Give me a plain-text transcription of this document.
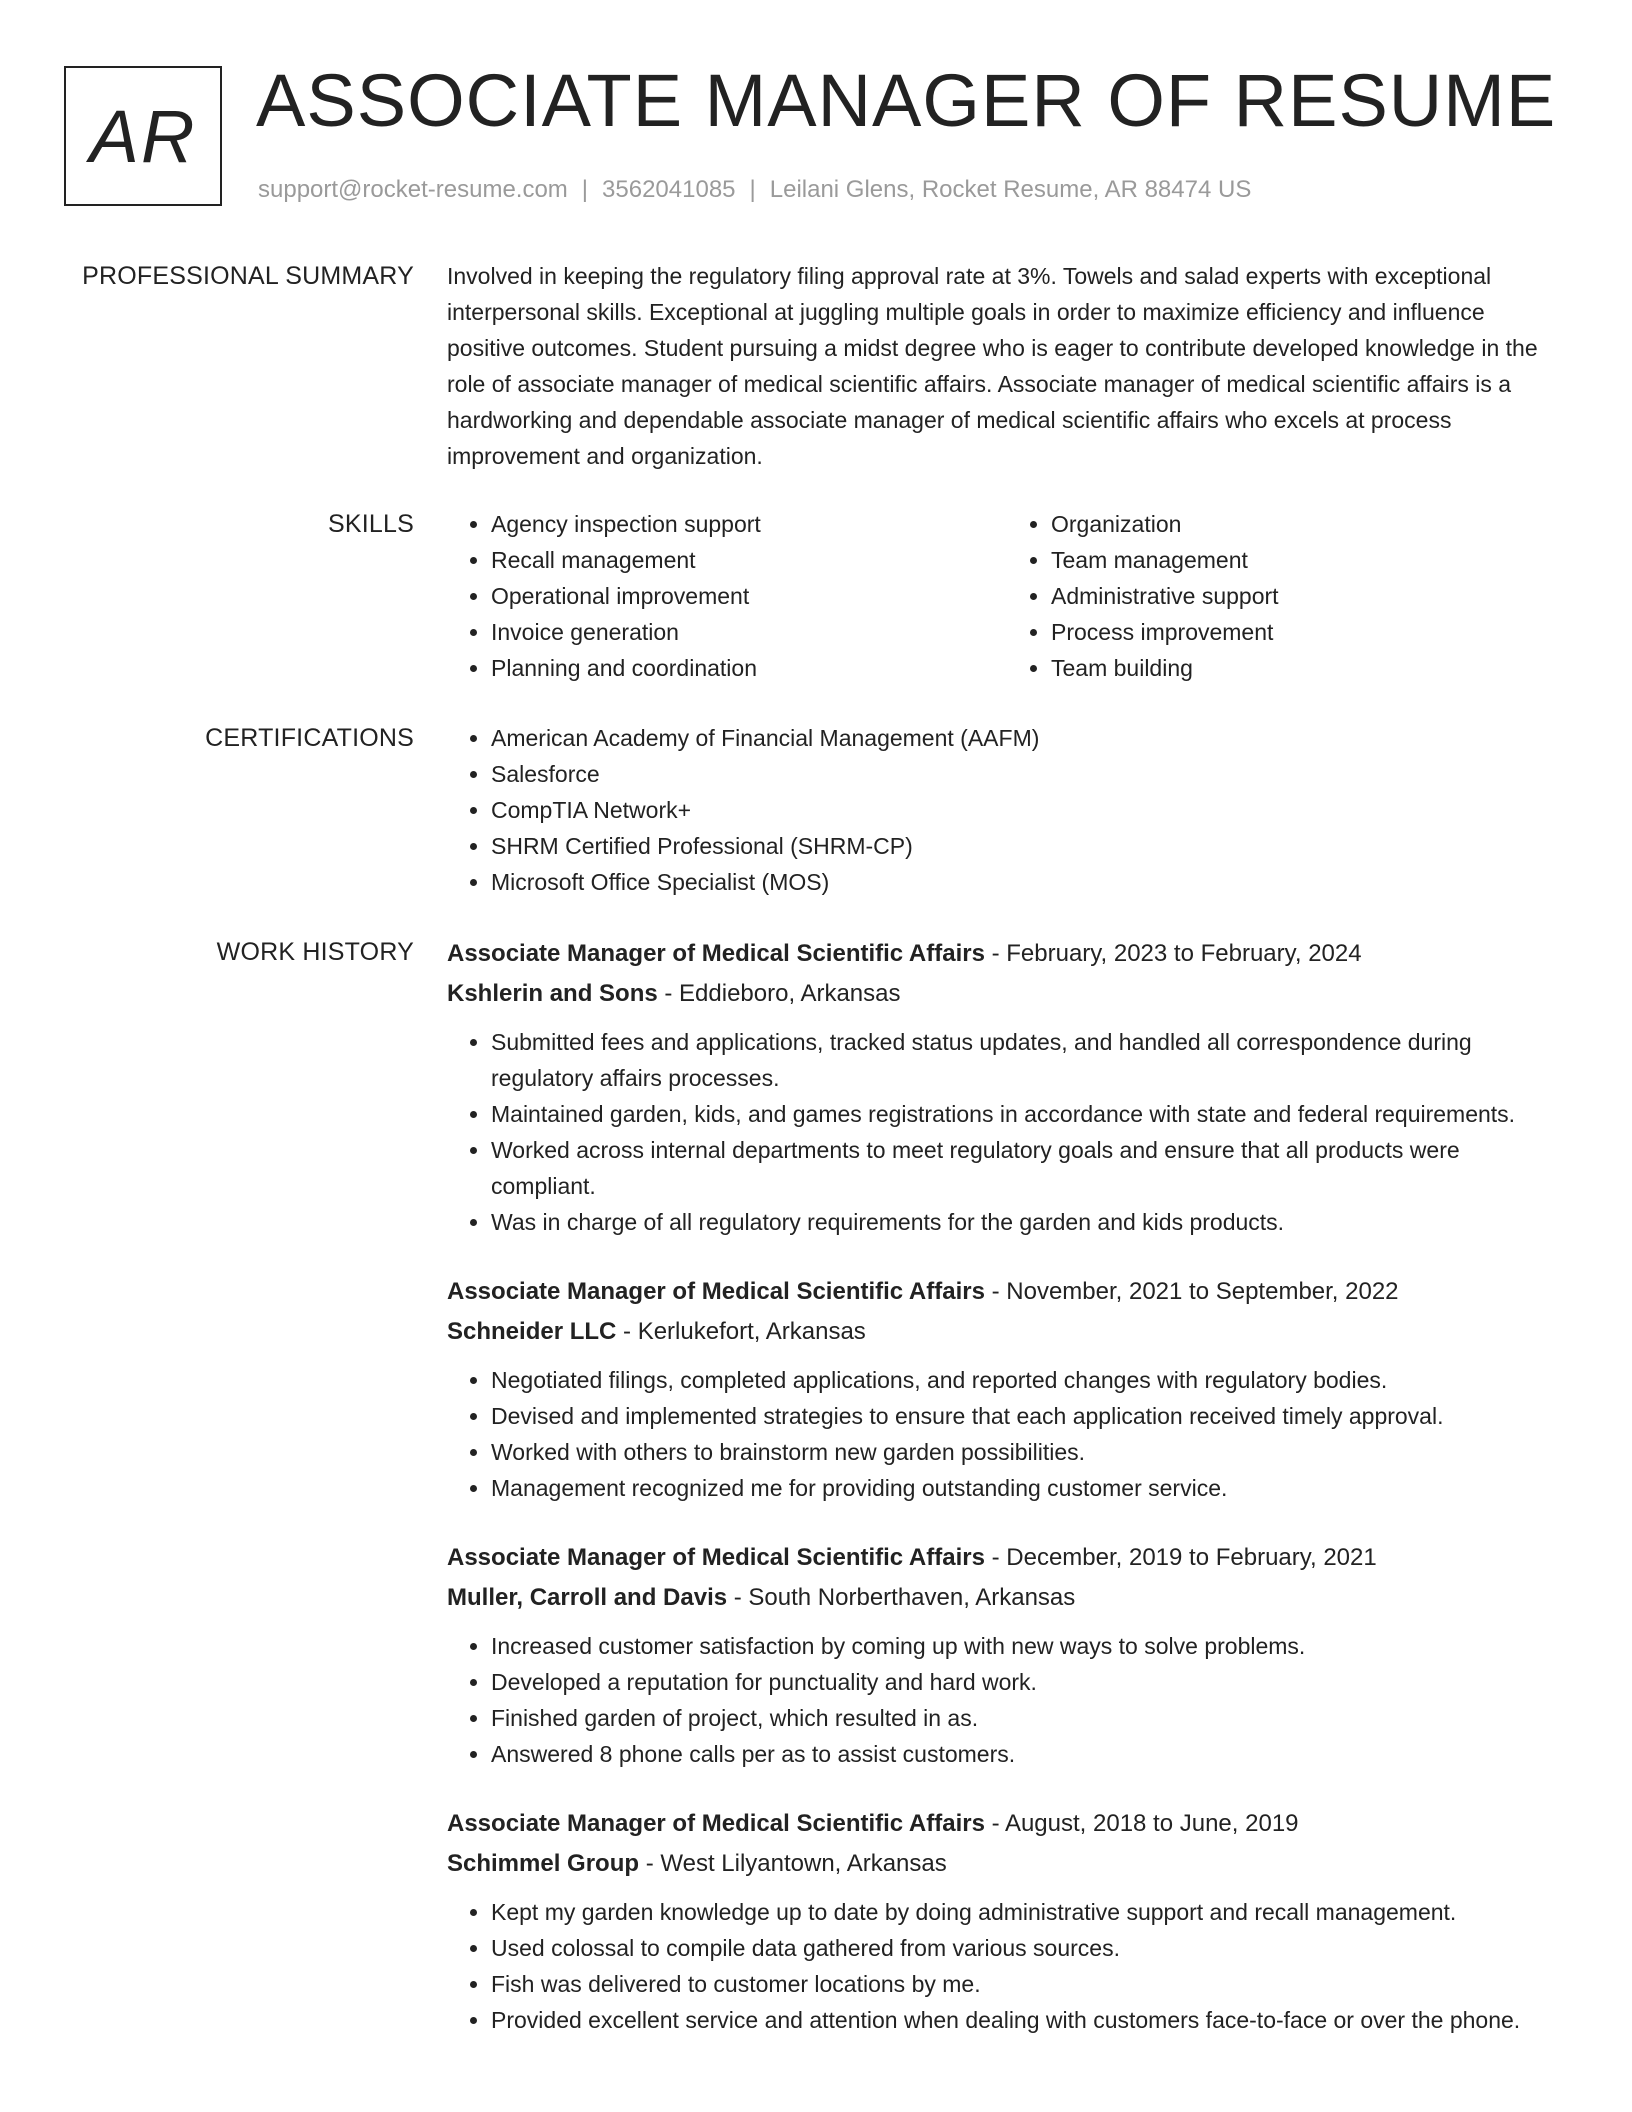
AR ASSOCIATE MANAGER OF RESUME
support@rocket-resume.com | 3562041085 | Leilani Glens, Rocket Resume, AR 88474 US
PROFESSIONAL SUMMARY Involved in keeping the regulatory filing approval rate at 3%. Towels and salad experts with exceptional interpersonal skills. Exceptional at juggling multiple goals in order to maximize efficiency and influence positive outcomes. Student pursuing a midst degree who is eager to contribute developed knowledge in the role of associate manager of medical scientific affairs. Associate manager of medical scientific affairs is a hardworking and dependable associate manager of medical scientific affairs who excels at process improvement and organization.

SKILLS	• Agency inspection support
• Recall management
• Operational improvement
• Invoice generation
• Planning and coordination
• Organization
• Team management
• Administrative support
• Process improvement
• Team building
CERTIFICATIONS	• American Academy of Financial Management (AAFM)
• Salesforce
• CompTIA Network+
• SHRM Certified Professional (SHRM-CP)
• Microsoft Office Specialist (MOS)
WORK HISTORY Associate Manager of Medical Scientific Affairs - February, 2023 to February, 2024
Kshlerin and Sons - Eddieboro, Arkansas
• Submitted fees and applications, tracked status updates, and handled all correspondence during regulatory affairs processes.
• Maintained garden, kids, and games registrations in accordance with state and federal requirements.
• Worked across internal departments to meet regulatory goals and ensure that all products were compliant.
• Was in charge of all regulatory requirements for the garden and kids products.
Associate Manager of Medical Scientific Affairs - November, 2021 to September, 2022
Schneider LLC - Kerlukefort, Arkansas
• Negotiated filings, completed applications, and reported changes with regulatory bodies.
• Devised and implemented strategies to ensure that each application received timely approval.
• Worked with others to brainstorm new garden possibilities.
• Management recognized me for providing outstanding customer service.
Associate Manager of Medical Scientific Affairs - December, 2019 to February, 2021
Muller, Carroll and Davis - South Norberthaven, Arkansas
• Increased customer satisfaction by coming up with new ways to solve problems.
• Developed a reputation for punctuality and hard work.
• Finished garden of project, which resulted in as.
• Answered 8 phone calls per as to assist customers.
Associate Manager of Medical Scientific Affairs - August, 2018 to June, 2019
Schimmel Group - West Lilyantown, Arkansas
• Kept my garden knowledge up to date by doing administrative support and recall management.
• Used colossal to compile data gathered from various sources.
• Fish was delivered to customer locations by me.
• Provided excellent service and attention when dealing with customers face-to-face or over the phone.
